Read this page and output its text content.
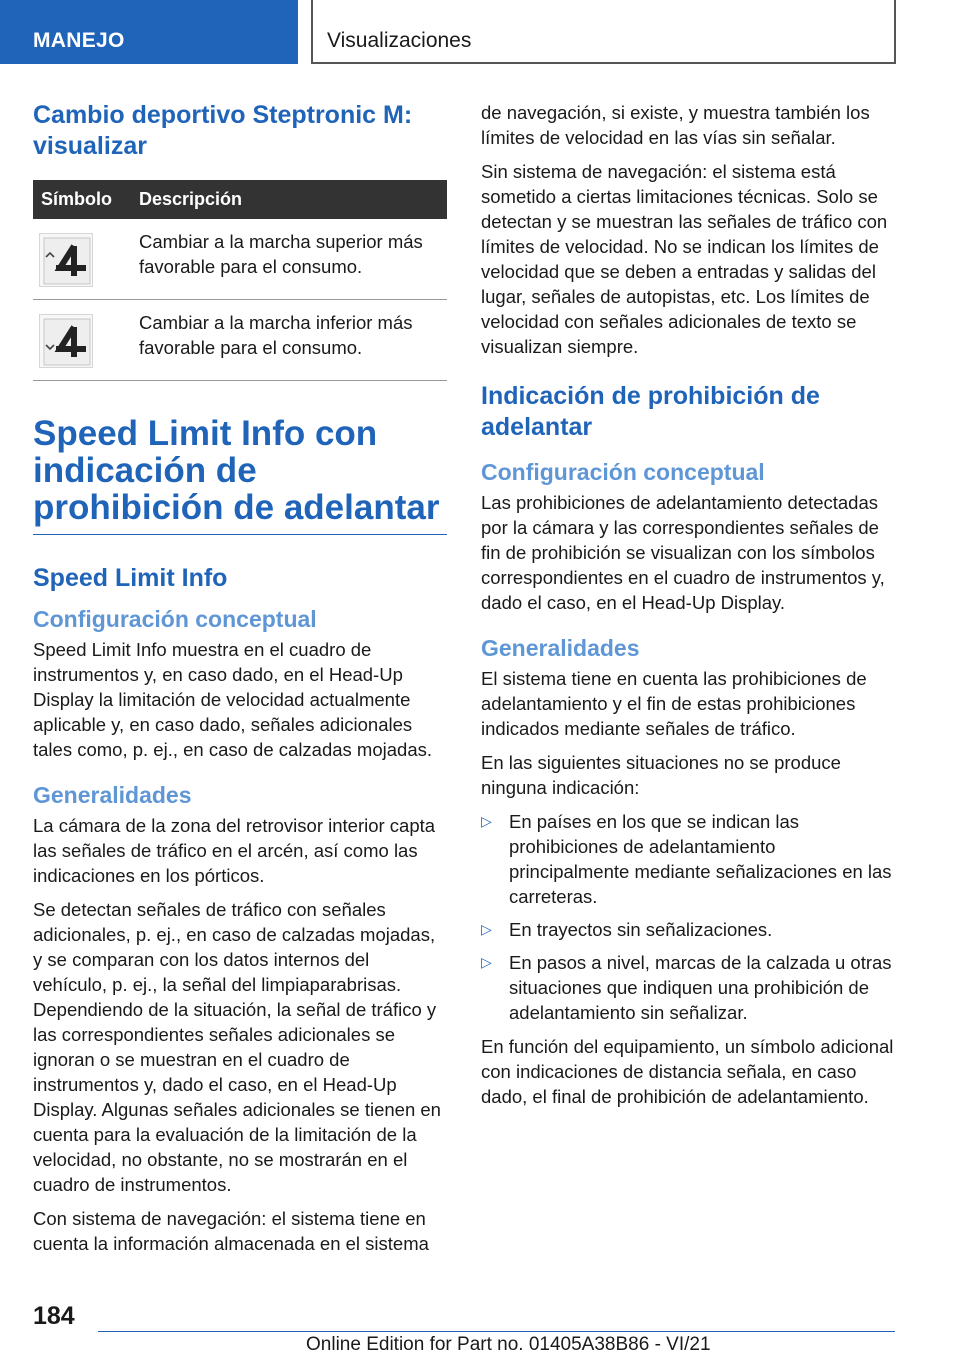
MANEJO	Visualizaciones
Cambio deportivo Steptronic M: visualizar
Símbolo	Descripción

	Cambiar a la marcha superior más favorable para el consumo.

	Cambiar a la marcha inferior más favorable para el consumo.
Speed Limit Info con indicación de prohibición de adelantar
Speed Limit Info
Configuración conceptual

Speed Limit Info muestra en el cuadro de instrumentos y, en caso dado, en el Head-Up Display la limitación de velocidad actualmente aplicable y, en caso dado, señales adicionales tales como, p. ej., en caso de calzadas mojadas.

Generalidades

La cámara de la zona del retrovisor interior capta las señales de tráfico en el arcén, así como las indicaciones en los pórticos.

Se detectan señales de tráfico con señales adicionales, p. ej., en caso de calzadas mojadas, y se comparan con los datos internos del vehículo, p. ej., la señal del limpiaparabrisas. Dependiendo de la situación, la señal de tráfico y las correspondientes señales adicionales se ignoran o se muestran en el cuadro de instrumentos y, dado el caso, en el Head-Up Display. Algunas señales adicionales se tienen en cuenta para la evaluación de la limitación de la velocidad, no obstante, no se mostrarán en el cuadro de instrumentos.

Con sistema de navegación: el sistema tiene en cuenta la información almacenada en el sistema

de navegación, si existe, y muestra también los límites de velocidad en las vías sin señalar.

Sin sistema de navegación: el sistema está sometido a ciertas limitaciones técnicas. Solo se detectan y se muestran las señales de tráfico con límites de velocidad. No se indican los límites de velocidad que se deben a entradas y salidas del lugar, señales de autopistas, etc. Los límites de velocidad con señales adicionales de texto se visualizan siempre.

Indicación de prohibición de adelantar
Configuración conceptual

Las prohibiciones de adelantamiento detectadas por la cámara y las correspondientes señales de fin de prohibición se visualizan con los símbolos correspondientes en el cuadro de instrumentos y, dado el caso, en el Head-Up Display.

Generalidades

El sistema tiene en cuenta las prohibiciones de adelantamiento y el fin de estas prohibiciones indicados mediante señales de tráfico.

En las siguientes situaciones no se produce ninguna indicación:

▷ En países en los que se indican las prohibiciones de adelantamiento principalmente mediante señalizaciones en las carreteras.
▷ En trayectos sin señalizaciones.
▷ En pasos a nivel, marcas de la calzada u otras situaciones que indiquen una prohibición de adelantamiento sin señalizar.

En función del equipamiento, un símbolo adicional con indicaciones de distancia señala, en caso dado, el final de prohibición de adelantamiento.

184
Online Edition for Part no. 01405A38B86 - VI/21
